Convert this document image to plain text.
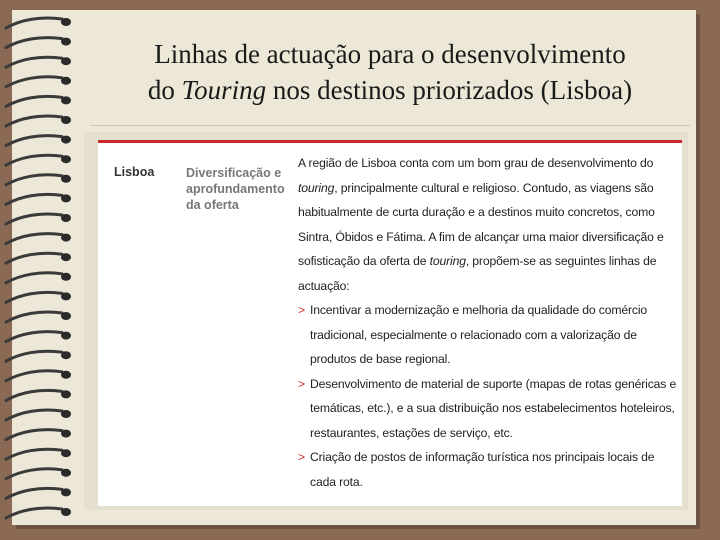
Linhas de actuação para o desenvolvimento
do Touring nos destinos priorizados (Lisboa)
Lisboa	Diversificação e aprofundamento da oferta

A região de Lisboa conta com um bom grau de desenvolvimento do touring, principalmente cultural e religioso. Contudo, as viagens são habitualmente de curta duração e a destinos muito concretos, como Sintra, Óbidos e Fátima. A fim de alcançar uma maior diversificação e sofisticação da oferta de touring, propõem-se as seguintes linhas de actuação:

> Incentivar a modernização e melhoria da qualidade do comércio tradicional, especialmente o relacionado com a valorização de produtos de base regional.
> Desenvolvimento de material de suporte (mapas de rotas genéricas e temáticas, etc.), e a sua distribuição nos estabelecimentos hoteleiros, restaurantes, estações de serviço, etc.
> Criação de postos de informação turística nos principais locais de cada rota.
